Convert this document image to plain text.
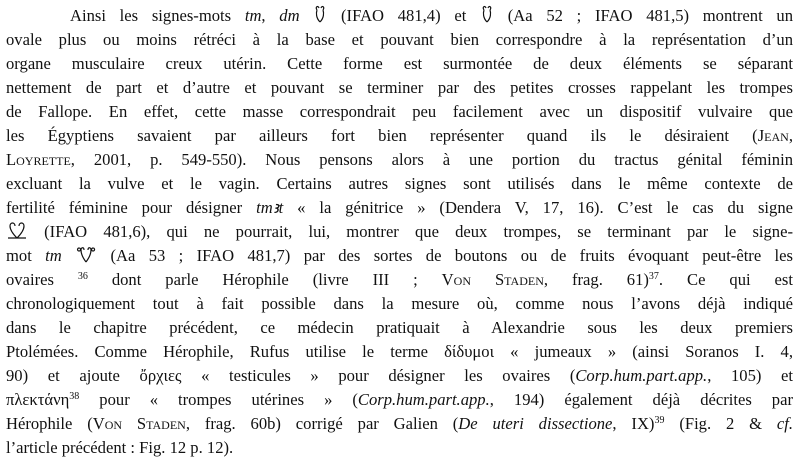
Ainsi les signes-mots tm, dm  (IFAO 481,4) et  (Aa 52 ; IFAO 481,5) montrent un
ovale plus ou moins rétréci à la base et pouvant bien correspondre à la représentation d’un
organe musculaire creux utérin. Cette forme est surmontée de deux éléments se séparant
nettement de part et d’autre et pouvant se terminer par des petites crosses rappelant les trompes
de Fallope. En effet, cette masse correspondrait peu facilement avec un dispositif vulvaire que
les Égyptiens savaient par ailleurs fort bien représenter quand ils le désiraient (Jean,
Loyrette, 2001, p. 549-550). Nous pensons alors à une portion du tractus génital féminin
excluant la vulve et le vagin. Certains autres signes sont utilisés dans le même contexte de
fertilité féminine pour désigner tmꜣt « la génitrice » (Dendera V, 17, 16). C’est le cas du signe
(IFAO 481,6), qui ne pourrait, lui, montrer que deux trompes, se terminant par le signe-
mot tm  (Aa 53 ; IFAO 481,7) par des sortes de boutons ou de fruits évoquant peut-être les
ovaires $^{36}$ dont parle Hérophile (livre III ; Von Staden, frag. 61)$^{37}$. Ce qui est
chronologiquement tout à fait possible dans la mesure où, comme nous l’avons déjà indiqué
dans le chapitre précédent, ce médecin pratiquait à Alexandrie sous les deux premiers
Ptolémées. Comme Hérophile, Rufus utilise le terme δίδυμοι « jumeaux » (ainsi Soranos I. 4,
90) et ajoute ὄρχιες « testicules » pour désigner les ovaires (Corp.hum.part.app., 105) et
πλεκτάνη$^{38}$ pour « trompes utérines » (Corp.hum.part.app., 194) également déjà décrites par
Hérophile (Von Staden, frag. 60b) corrigé par Galien (De uteri dissectione, IX)$^{39}$ (Fig. 2 & cf.
l’article précédent : Fig. 12 p. 12).
